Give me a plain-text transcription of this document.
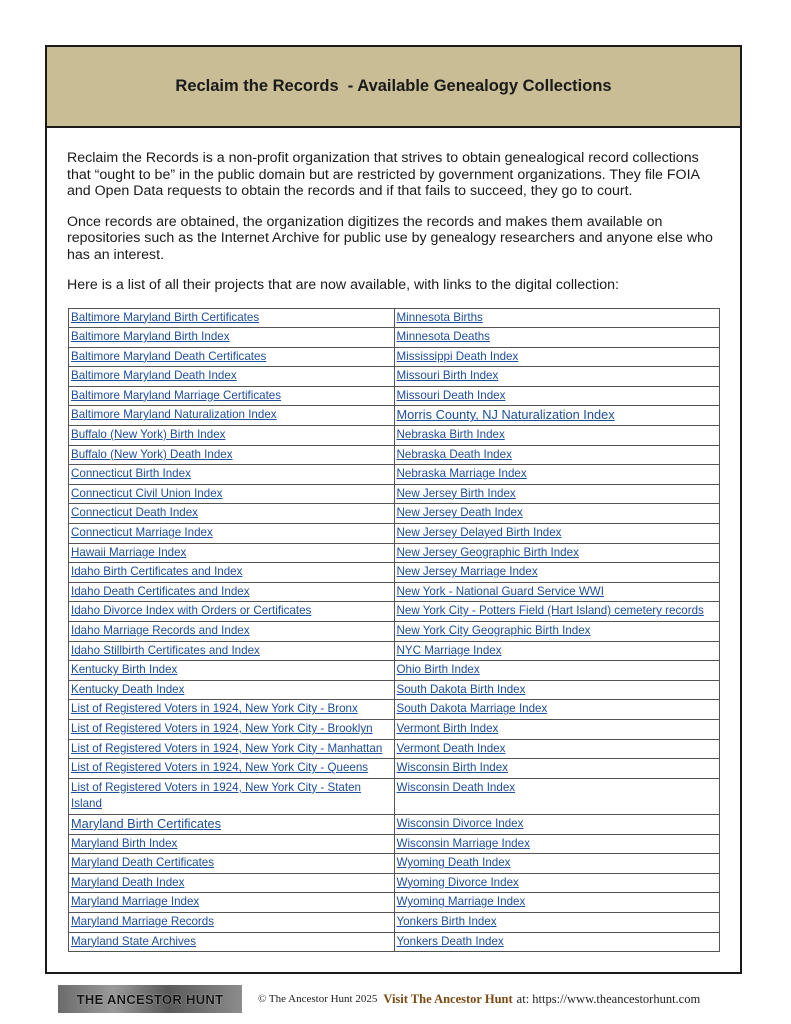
Reclaim the Records  - Available Genealogy Collections

Reclaim the Records is a non-profit organization that strives to obtain genealogical record collections that “ought to be” in the public domain but are restricted by government organizations. They file FOIA and Open Data requests to obtain the records and if that fails to succeed, they go to court.

Once records are obtained, the organization digitizes the records and makes them available on repositories such as the Internet Archive for public use by genealogy researchers and anyone else who has an interest.

Here is a list of all their projects that are now available, with links to the digital collection:

Baltimore Maryland Birth Certificates	Minnesota Births

Baltimore Maryland Birth Index	Minnesota Deaths

Baltimore Maryland Death Certificates	Mississippi Death Index

Baltimore Maryland Death Index	Missouri Birth Index

Baltimore Maryland Marriage Certificates	Missouri Death Index

Baltimore Maryland Naturalization Index	Morris County, NJ Naturalization Index

Buffalo (New York) Birth Index	Nebraska Birth Index

Buffalo (New York) Death Index	Nebraska Death Index

Connecticut Birth Index	Nebraska Marriage Index

Connecticut Civil Union Index	New Jersey Birth Index

Connecticut Death Index	New Jersey Death Index

Connecticut Marriage Index	New Jersey Delayed Birth Index

Hawaii Marriage Index	New Jersey Geographic Birth Index

Idaho Birth Certificates and Index	New Jersey Marriage Index

Idaho Death Certificates and Index	New York - National Guard Service WWI

Idaho Divorce Index with Orders or Certificates	New York City - Potters Field (Hart Island) cemetery records

Idaho Marriage Records and Index	New York City Geographic Birth Index

Idaho Stillbirth Certificates and Index	NYC Marriage Index

Kentucky Birth Index	Ohio Birth Index

Kentucky Death Index	South Dakota Birth Index

List of Registered Voters in 1924, New York City - Bronx	South Dakota Marriage Index

List of Registered Voters in 1924, New York City - Brooklyn	Vermont Birth Index

List of Registered Voters in 1924, New York City - Manhattan	Vermont Death Index

List of Registered Voters in 1924, New York City - Queens	Wisconsin Birth Index

List of Registered Voters in 1924, New York City - Staten Island	Wisconsin Death Index

Maryland Birth Certificates	Wisconsin Divorce Index

Maryland Birth Index	Wisconsin Marriage Index

Maryland Death Certificates	Wyoming Death Index

Maryland Death Index	Wyoming Divorce Index

Maryland Marriage Index	Wyoming Marriage Index

Maryland Marriage Records	Yonkers Birth Index

Maryland State Archives	Yonkers Death Index
THE ANCESTOR HUNT	© The Ancestor Hunt 2025 Visit The Ancestor Hunt at: https://www.theancestorhunt.com
